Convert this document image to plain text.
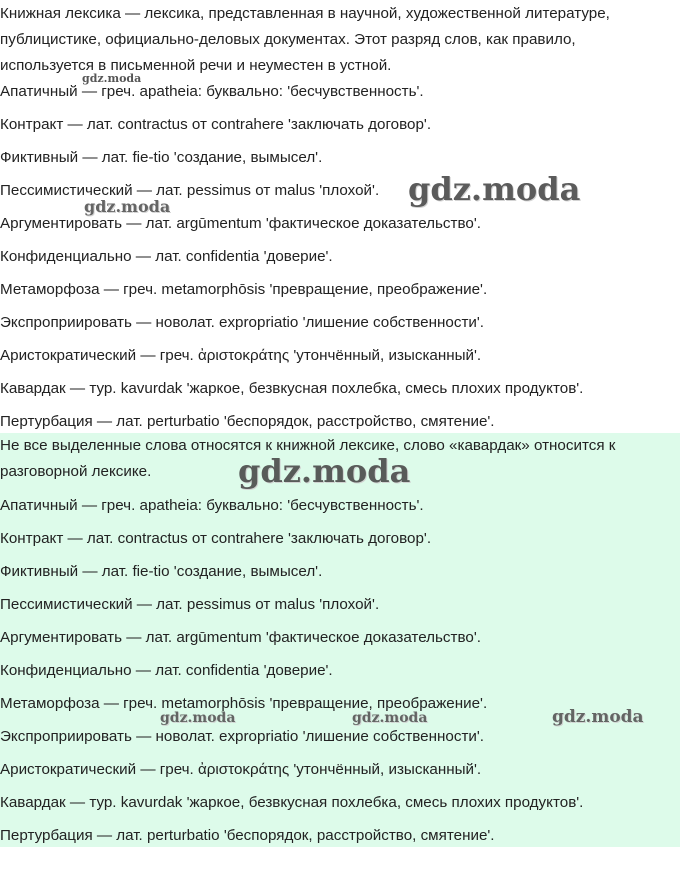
Книжная лексика — лексика, представленная в научной, художественной литературе,
публицистике, официально-деловых документах. Этот разряд слов, как правило,
используется в письменной речи и неуместен в устной.
Апатичный — греч. apatheia: буквально: 'бесчувственность'.
Контракт — лат. contractus от contrahere 'заключать договор'.
Фиктивный — лат. fie-tio 'создание, вымысел'.
Пессимистический — лат. pessimus от malus 'плохой'.
Аргументировать — лат. argūmentum 'фактическое доказательство'.
Конфиденциально — лат. confidentia 'доверие'.
Метаморфоза — греч. metamorphōsis 'превращение, преображение'.
Экспроприировать — новолат. expropriatio 'лишение собственности'.
Аристократический — греч. ἀριστοκράτης 'утончённый, изысканный'.
Кавардак — тур. kavurdak 'жаркое, безвкусная похлебка, смесь плохих продуктов'.
Пертурбация — лат. perturbatio 'беспорядок, расстройство, смятение'.
Не все выделенные слова относятся к книжной лексике, слово «кавардак» относится к
разговорной лексике.
Апатичный — греч. apatheia: буквально: 'бесчувственность'.
Контракт — лат. contractus от contrahere 'заключать договор'.
Фиктивный — лат. fie-tio 'создание, вымысел'.
Пессимистический — лат. pessimus от malus 'плохой'.
Аргументировать — лат. argūmentum 'фактическое доказательство'.
Конфиденциально — лат. confidentia 'доверие'.
Метаморфоза — греч. metamorphōsis 'превращение, преображение'.
Экспроприировать — новолат. expropriatio 'лишение собственности'.
Аристократический — греч. ἀριστοκράτης 'утончённый, изысканный'.
Кавардак — тур. kavurdak 'жаркое, безвкусная похлебка, смесь плохих продуктов'.
Пертурбация — лат. perturbatio 'беспорядок, расстройство, смятение'.
gdz.moda
gdz.moda
gdz.moda
gdz.moda
gdz.moda	gdz.moda	gdz.moda
